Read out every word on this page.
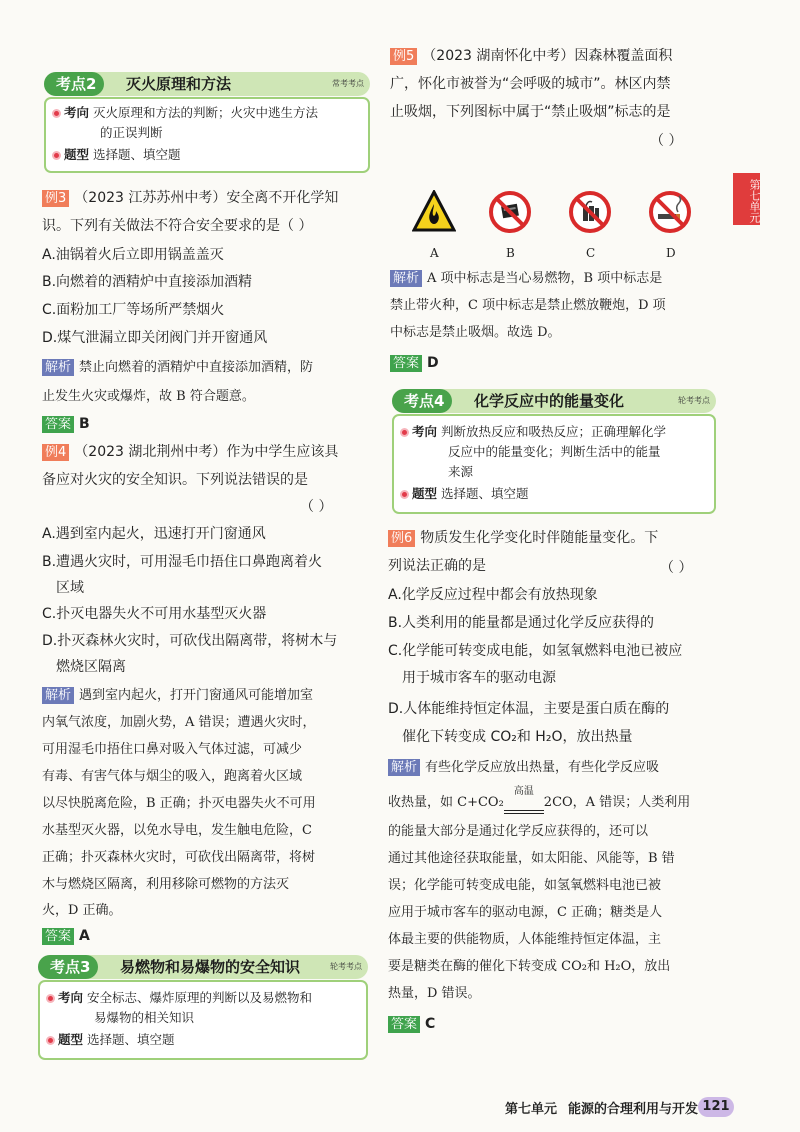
第七单元
考点2	灭火原理和方法	常考考点
考向 灭火原理和方法的判断；火灾中逃生方法
的正误判断
题型 选择题、填空题
例3 （2023 江苏苏州中考）安全离不开化学知
识。下列有关做法不符合安全要求的是（ ）
A.油锅着火后立即用锅盖盖灭
B.向燃着的酒精炉中直接添加酒精
C.面粉加工厂等场所严禁烟火
D.煤气泄漏立即关闭阀门并开窗通风
解析 禁止向燃着的酒精炉中直接添加酒精，防
止发生火灾或爆炸，故 B 符合题意。
答案 B
例4 （2023 湖北荆州中考）作为中学生应该具
备应对火灾的安全知识。下列说法错误的是
（ ）
A.遇到室内起火，迅速打开门窗通风
B.遭遇火灾时，可用湿毛巾捂住口鼻跑离着火
区域
C.扑灭电器失火不可用水基型灭火器
D.扑灭森林火灾时，可砍伐出隔离带，将树木与
燃烧区隔离
解析 遇到室内起火，打开门窗通风可能增加室
内氧气浓度，加剧火势，A 错误；遭遇火灾时，
可用湿毛巾捂住口鼻对吸入气体过滤，可减少
有毒、有害气体与烟尘的吸入，跑离着火区域
以尽快脱离危险，B 正确；扑灭电器失火不可用
水基型灭火器，以免水导电，发生触电危险，C
正确；扑灭森林火灾时，可砍伐出隔离带，将树
木与燃烧区隔离，利用移除可燃物的方法灭
火，D 正确。
答案 A
考点3	易燃物和易爆物的安全知识	轮考考点
考向 安全标志、爆炸原理的判断以及易燃物和
易爆物的相关知识
题型 选择题、填空题
例5 （2023 湖南怀化中考）因森林覆盖面积
广，怀化市被誉为“会呼吸的城市”。林区内禁
止吸烟，下列图标中属于“禁止吸烟”标志的是
（ ）
A	B	C	D
解析 A 项中标志是当心易燃物，B 项中标志是
禁止带火种，C 项中标志是禁止燃放鞭炮，D 项
中标志是禁止吸烟。故选 D。
答案 D
考点4	化学反应中的能量变化	轮考考点
考向 判断放热反应和吸热反应；正确理解化学
反应中的能量变化；判断生活中的能量
来源
题型 选择题、填空题
例6 物质发生化学变化时伴随能量变化。下
列说法正确的是	（ ）
A.化学反应过程中都会有放热现象
B.人类利用的能量都是通过化学反应获得的
C.化学能可转变成电能，如氢氧燃料电池已被应
用于城市客车的驱动电源
D.人体能维持恒定体温，主要是蛋白质在酶的
催化下转变成 CO₂和 H₂O，放出热量
解析 有些化学反应放出热量，有些化学反应吸
收热量，如 C+CO₂
高温
2CO，A 错误；人类利用
的能量大部分是通过化学反应获得的，还可以
通过其他途径获取能量，如太阳能、风能等，B 错
误；化学能可转变成电能，如氢氧燃料电池已被
应用于城市客车的驱动电源，C 正确；糖类是人
体最主要的供能物质，人体能维持恒定体温，主
要是糖类在酶的催化下转变成 CO₂和 H₂O，放出
热量，D 错误。
答案 C
第七单元 能源的合理利用与开发 121
